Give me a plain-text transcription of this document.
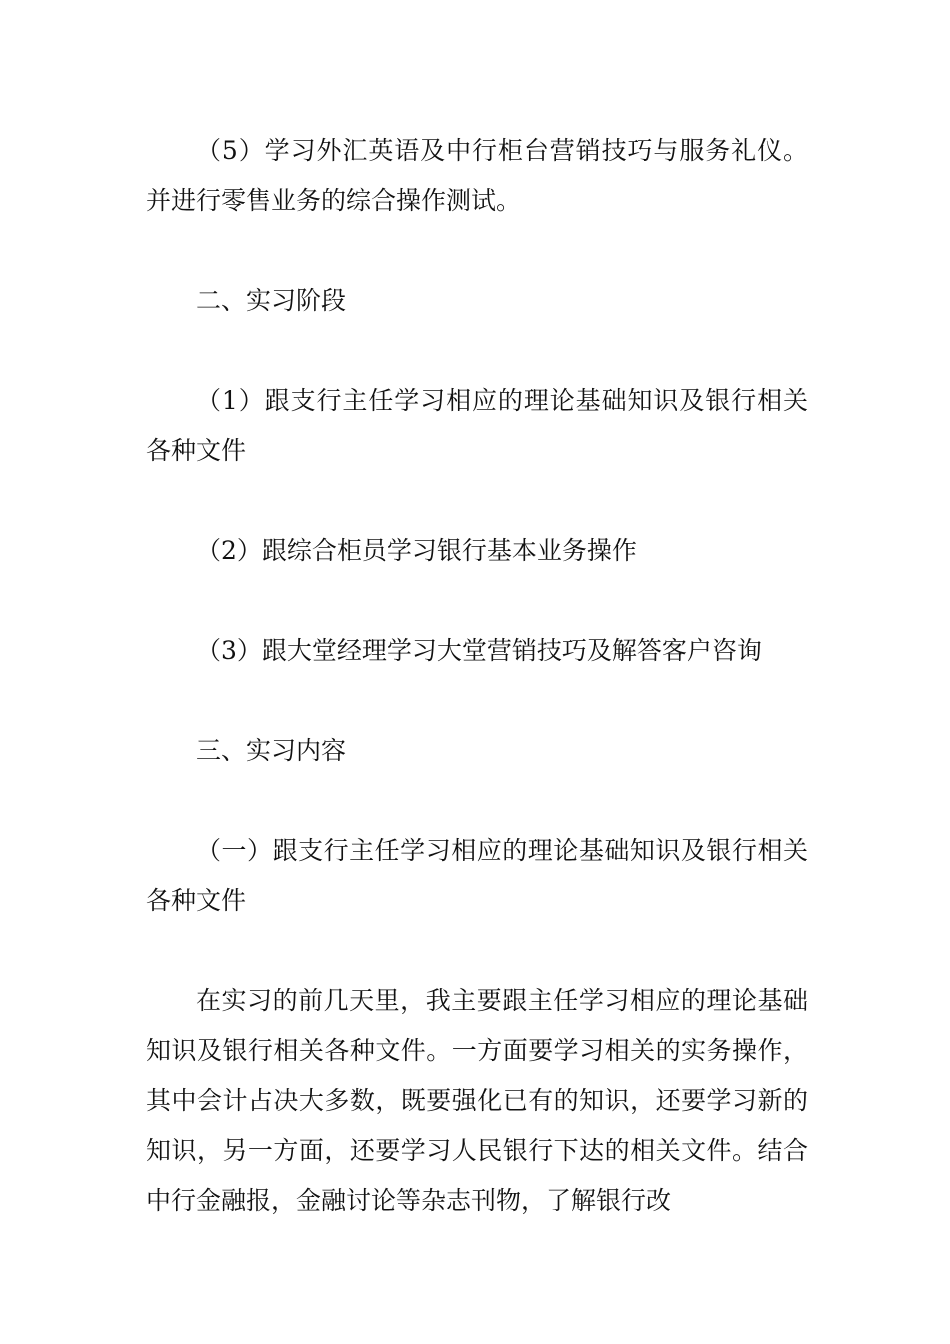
（5）学习外汇英语及中行柜台营销技巧与服务礼仪。并进行零售业务的综合操作测试。

二、实习阶段

（1）跟支行主任学习相应的理论基础知识及银行相关各种文件

（2）跟综合柜员学习银行基本业务操作

（3）跟大堂经理学习大堂营销技巧及解答客户咨询

三、实习内容

（一）跟支行主任学习相应的理论基础知识及银行相关各种文件

在实习的前几天里，我主要跟主任学习相应的理论基础知识及银行相关各种文件。一方面要学习相关的实务操作，其中会计占决大多数，既要强化已有的知识，还要学习新的知识，另一方面，还要学习人民银行下达的相关文件。结合中行金融报，金融讨论等杂志刊物，了解银行改
